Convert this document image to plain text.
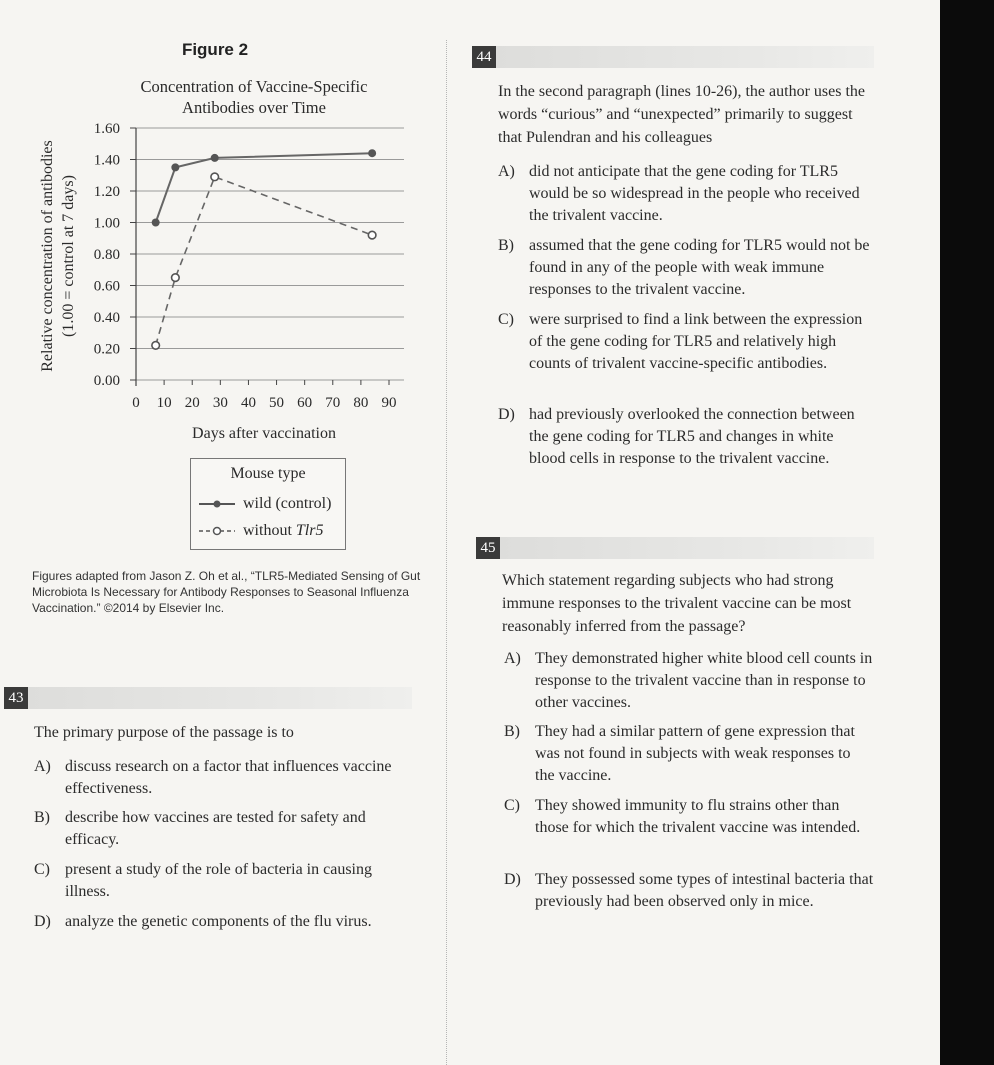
Figure 2
Concentration of Vaccine-Specific
Antibodies over Time
0.00
0.20
0.40
0.60
0.80
1.00
1.20
1.40
1.60
0 10 20 30 40 50 60 70 80 90
Days after vaccination
Relative concentration of antibodies (1.00 = control at 7 days)
Mouse type
wild (control)
without Tlr5
Figures adapted from Jason Z. Oh et al., “TLR5-Mediated Sensing of Gut Microbiota Is Necessary for Antibody Responses to Seasonal Influenza Vaccination.” ©2014 by Elsevier Inc.
44
In the second paragraph (lines 10-26), the author uses the words “curious” and “unexpected” primarily to suggest that Pulendran and his colleagues
A) did not anticipate that the gene coding for TLR5 would be so widespread in the people who received the trivalent vaccine.
B) assumed that the gene coding for TLR5 would not be found in any of the people with weak immune responses to the trivalent vaccine.
C) were surprised to find a link between the expression of the gene coding for TLR5 and relatively high counts of trivalent vaccine-specific antibodies.
D) had previously overlooked the connection between the gene coding for TLR5 and changes in white blood cells in response to the trivalent vaccine.
45
Which statement regarding subjects who had strong immune responses to the trivalent vaccine can be most reasonably inferred from the passage?
A) They demonstrated higher white blood cell counts in response to the trivalent vaccine than in response to other vaccines.
B) They had a similar pattern of gene expression that was not found in subjects with weak responses to the vaccine.
C) They showed immunity to flu strains other than those for which the trivalent vaccine was intended.
D) They possessed some types of intestinal bacteria that previously had been observed only in mice.
43
The primary purpose of the passage is to
A) discuss research on a factor that influences vaccine effectiveness.
B) describe how vaccines are tested for safety and efficacy.
C) present a study of the role of bacteria in causing illness.
D) analyze the genetic components of the flu virus.
